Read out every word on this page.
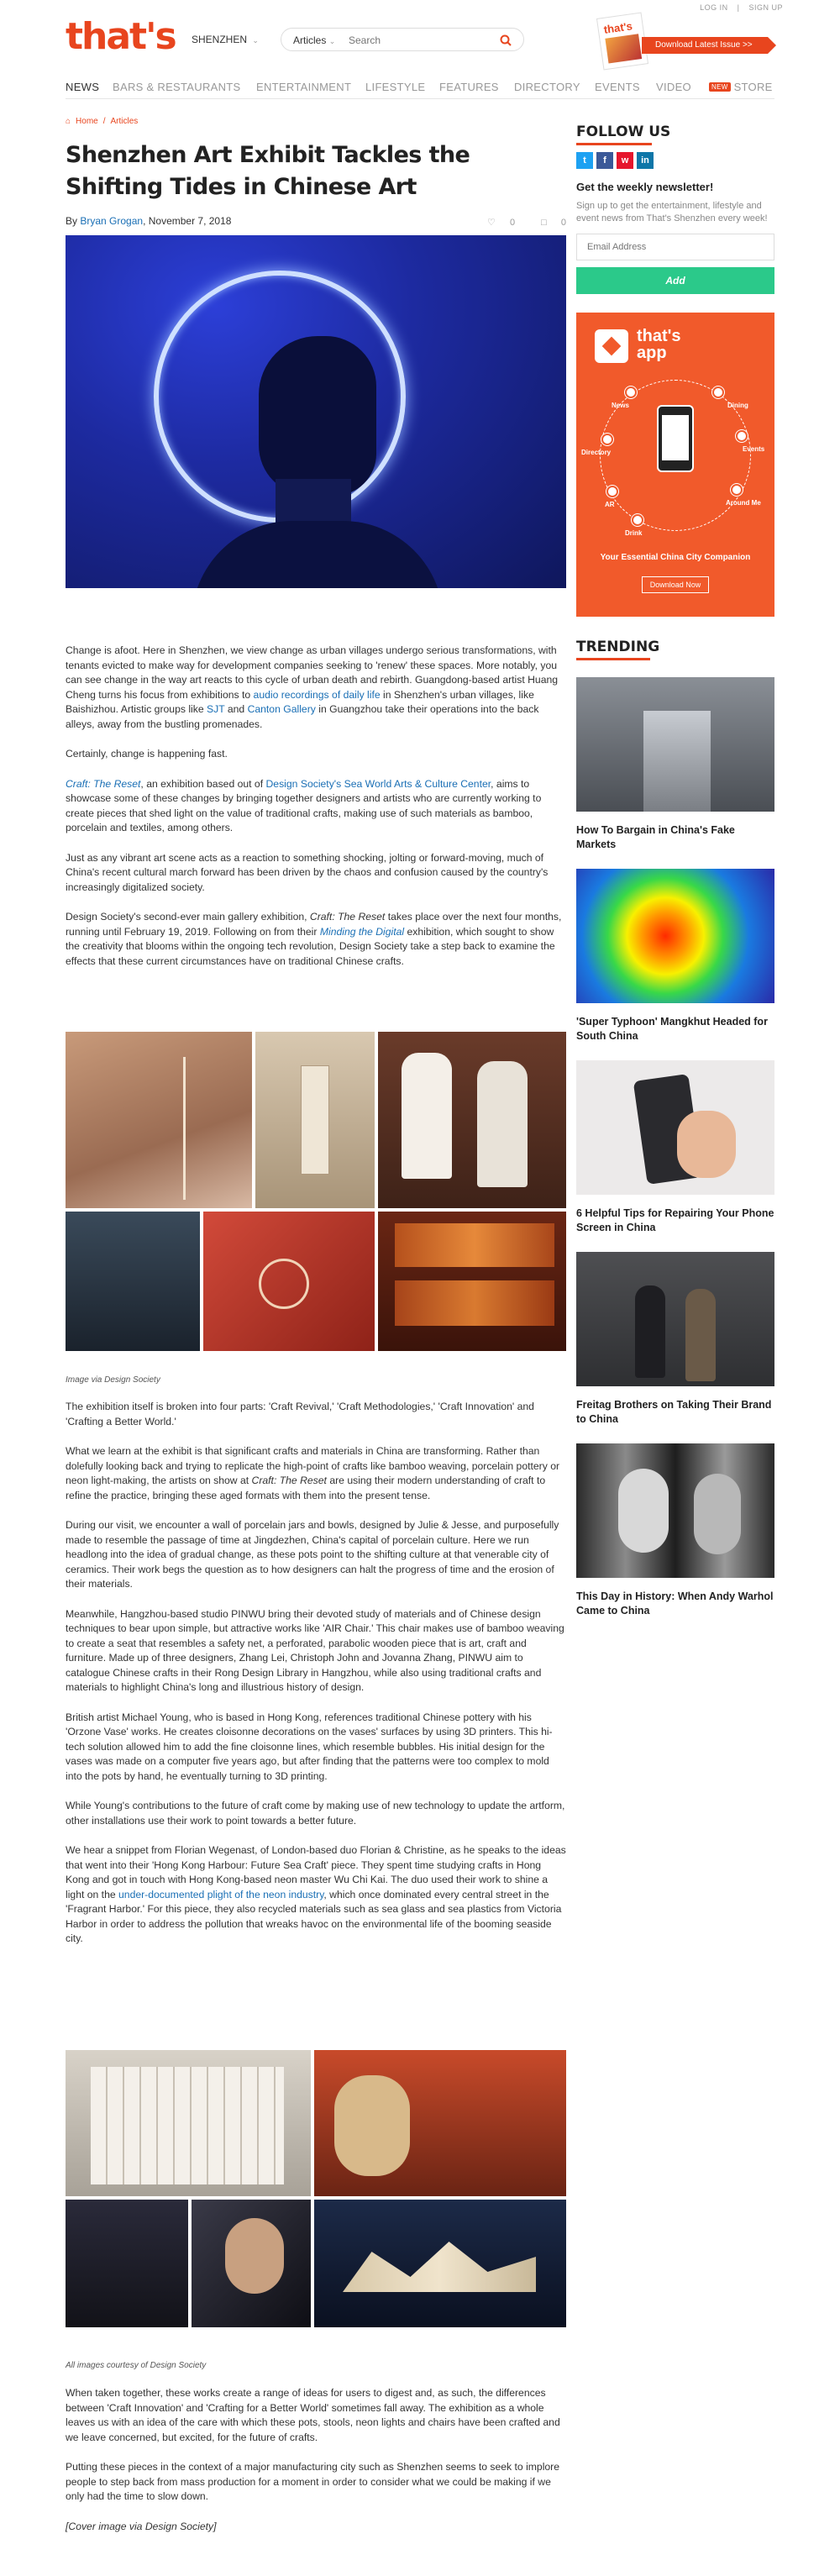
LOG IN | SIGN UP
that's SHENZHEN ⌄	Articles ⌄
Search
that's
Download Latest Issue >>
NEWS BARS & RESTAURANTS ENTERTAINMENT LIFESTYLE FEATURES DIRECTORY EVENTS VIDEO	NEW STORE
⌂ Home / Articles
Shenzhen Art Exhibit Tackles the Shifting Tides in Chinese Art
By Bryan Grogan, November 7, 2018	♡ 0	□ 0

Change is afoot. Here in Shenzhen, we view change as urban villages undergo serious transformations, with tenants evicted to make way for development companies seeking to 'renew' these spaces. More notably, you can see change in the way art reacts to this cycle of urban death and rebirth. Guangdong-based artist Huang Cheng turns his focus from exhibitions to audio recordings of daily life in Shenzhen's urban villages, like Baishizhou. Artistic groups like SJT and Canton Gallery in Guangzhou take their operations into the back alleys, away from the bustling promenades.

Certainly, change is happening fast.

Craft: The Reset, an exhibition based out of Design Society's Sea World Arts & Culture Center, aims to showcase some of these changes by bringing together designers and artists who are currently working to create pieces that shed light on the value of traditional crafts, making use of such materials as bamboo, porcelain and textiles, among others.

Just as any vibrant art scene acts as a reaction to something shocking, jolting or forward-moving, much of China's recent cultural march forward has been driven by the chaos and confusion caused by the country's increasingly digitalized society.

Design Society's second-ever main gallery exhibition, Craft: The Reset takes place over the next four months, running until February 19, 2019. Following on from their Minding the Digital exhibition, which sought to show the creativity that blooms within the ongoing tech revolution, Design Society take a step back to examine the effects that these current circumstances have on traditional Chinese crafts.

Image via Design Society

The exhibition itself is broken into four parts: 'Craft Revival,' 'Craft Methodologies,' 'Craft Innovation' and 'Crafting a Better World.'

What we learn at the exhibit is that significant crafts and materials in China are transforming. Rather than dolefully looking back and trying to replicate the high-point of crafts like bamboo weaving, porcelain pottery or neon light-making, the artists on show at Craft: The Reset are using their modern understanding of craft to refine the practice, bringing these aged formats with them into the present tense.

During our visit, we encounter a wall of porcelain jars and bowls, designed by Julie & Jesse, and purposefully made to resemble the passage of time at Jingdezhen, China's capital of porcelain culture. Here we run headlong into the idea of gradual change, as these pots point to the shifting culture at that venerable city of ceramics. Their work begs the question as to how designers can halt the progress of time and the erosion of their materials.

Meanwhile, Hangzhou-based studio PINWU bring their devoted study of materials and of Chinese design techniques to bear upon simple, but attractive works like 'AIR Chair.' This chair makes use of bamboo weaving to create a seat that resembles a safety net, a perforated, parabolic wooden piece that is art, craft and furniture. Made up of three designers, Zhang Lei, Christoph John and Jovanna Zhang, PINWU aim to catalogue Chinese crafts in their Rong Design Library in Hangzhou, while also using traditional crafts and materials to highlight China's long and illustrious history of design.

British artist Michael Young, who is based in Hong Kong, references traditional Chinese pottery with his 'Orzone Vase' works. He creates cloisonne decorations on the vases' surfaces by using 3D printers. This hi-tech solution allowed him to add the fine cloisonne lines, which resemble bubbles. His initial design for the vases was made on a computer five years ago, but after finding that the patterns were too complex to mold into the pots by hand, he eventually turning to 3D printing.

While Young's contributions to the future of craft come by making use of new technology to update the artform, other installations use their work to point towards a better future.

We hear a snippet from Florian Wegenast, of London-based duo Florian & Christine, as he speaks to the ideas that went into their 'Hong Kong Harbour: Future Sea Craft' piece. They spent time studying crafts in Hong Kong and got in touch with Hong Kong-based neon master Wu Chi Kai. The duo used their work to shine a light on the under-documented plight of the neon industry, which once dominated every central street in the 'Fragrant Harbor.' For this piece, they also recycled materials such as sea glass and sea plastics from Victoria Harbor in order to address the pollution that wreaks havoc on the environmental life of the booming seaside city.

All images courtesy of Design Society

When taken together, these works create a range of ideas for users to digest and, as such, the differences between 'Craft Innovation' and 'Crafting for a Better World' sometimes fall away. The exhibition as a whole leaves us with an idea of the care with which these pots, stools, neon lights and chairs have been crafted and we leave concerned, but excited, for the future of crafts.

Putting these pieces in the context of a major manufacturing city such as Shenzhen seems to seek to implore people to step back from mass production for a moment in order to consider what we could be making if we only had the time to slow down.

[Cover image via Design Society]

FOLLOW US
t f w in
Get the weekly newsletter!
Sign up to get the entertainment, lifestyle and event news from That's Shenzhen every week!
Email Address
Add
that's
app
News	Dining
Directory	Events
AR	Around Me
Drink
Your Essential China City Companion
Download Now
TRENDING
How To Bargain in China's Fake Markets
'Super Typhoon' Mangkhut Headed for South China
6 Helpful Tips for Repairing Your Phone Screen in China
Freitag Brothers on Taking Their Brand to China
This Day in History: When Andy Warhol Came to China
